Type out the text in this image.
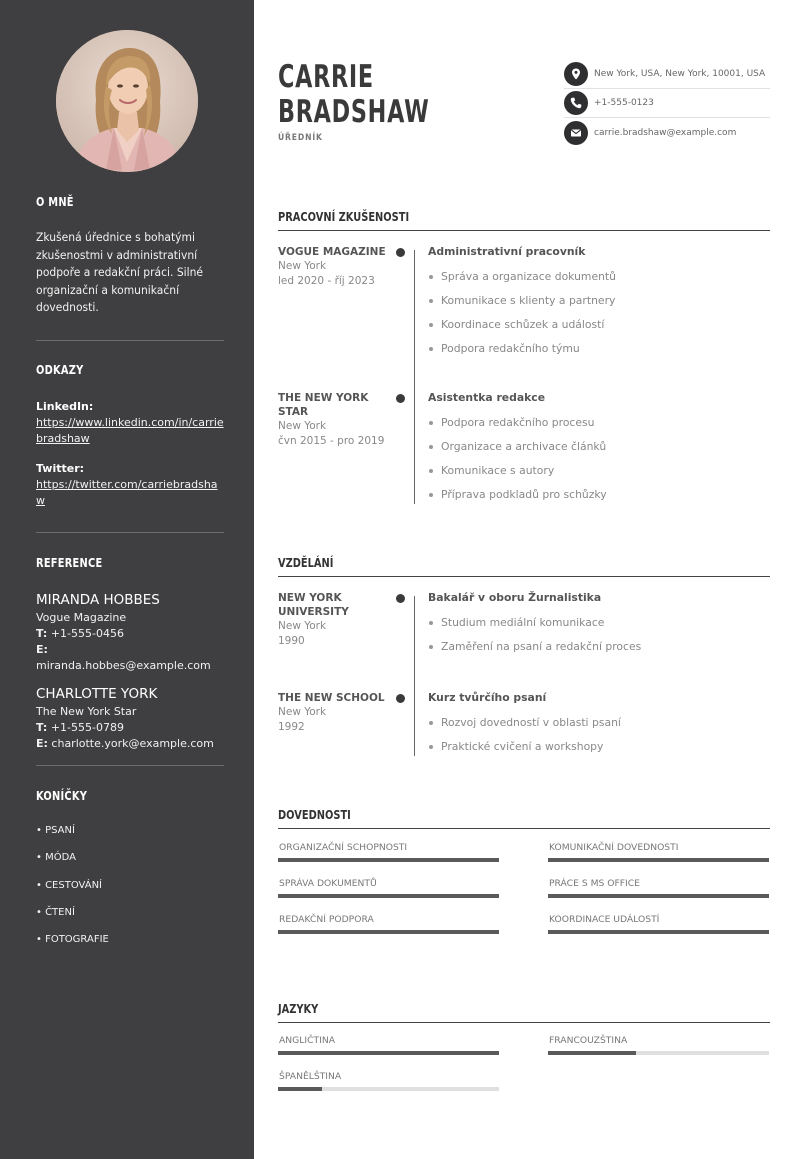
O MNĚ
Zkušená úřednice s bohatými zkušenostmi v administrativní podpoře a redakční práci. Silné organizační a komunikační dovednosti.
ODKAZY
LinkedIn:
https://www.linkedin.com/in/carriebradshaw
Twitter:
https://twitter.com/carriebradshaw
REFERENCE
MIRANDA HOBBES
Vogue Magazine
T: +1-555-0456
E: miranda.hobbes@example.com
CHARLOTTE YORK
The New York Star
T: +1-555-0789
E: charlotte.york@example.com
KONÍČKY
• PSANÍ
• MÓDA
• CESTOVÁNÍ
• ČTENÍ
• FOTOGRAFIE
CARRIE
BRADSHAW
ÚŘEDNÍK
New York, USA, New York, 10001, USA
+1-555-0123
carrie.bradshaw@example.com
PRACOVNÍ ZKUŠENOSTI
VOGUE MAGAZINE
New York
led 2020 - říj 2023
Administrativní pracovník
Správa a organizace dokumentů
Komunikace s klienty a partnery
Koordinace schůzek a událostí
Podpora redakčního týmu
THE NEW YORK STAR
New York
čvn 2015 - pro 2019
Asistentka redakce
Podpora redakčního procesu
Organizace a archivace článků
Komunikace s autory
Příprava podkladů pro schůzky
VZDĚLÁNÍ
NEW YORK UNIVERSITY
New York
1990
Bakalář v oboru Žurnalistika
Studium mediální komunikace
Zaměření na psaní a redakční proces
THE NEW SCHOOL
New York
1992
Kurz tvůrčího psaní
Rozvoj dovedností v oblasti psaní
Praktické cvičení a workshopy
DOVEDNOSTI
ORGANIZAČNÍ SCHOPNOSTI	KOMUNIKAČNÍ DOVEDNOSTI
SPRÁVA DOKUMENTŮ	PRÁCE S MS OFFICE
REDAKČNÍ PODPORA	KOORDINACE UDÁLOSTÍ
JAZYKY
ANGLIČTINA	FRANCOUZŠTINA
ŠPANĚLŠTINA
